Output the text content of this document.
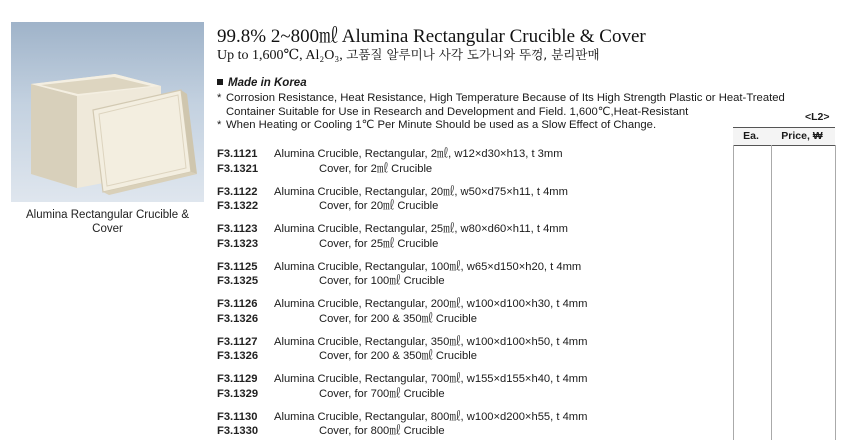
Alumina Rectangular Crucible & Cover
99.8% 2~800㎖ Alumina Rectangular Crucible & Cover
Up to 1,600℃, Al₂O₃, 고품질 알루미나 사각 도가니와 뚜껑, 분리판매
Made in Korea
* Corrosion Resistance, Heat Resistance, High Temperature Because of Its High Strength Plastic or Heat-Treated Container Suitable for Use in Research and Development and Field. 1,600℃,Heat-Resistant
* When Heating or Cooling 1℃ Per Minute Should be used as a Slow Effect of Change.
<L2>
Ea.	Price, ₩
F3.1121	Alumina Crucible, Rectangular, 2㎖, w12×d30×h13, t 3mm
F3.1321	Cover, for 2㎖ Crucible
F3.1122	Alumina Crucible, Rectangular, 20㎖, w50×d75×h11, t 4mm
F3.1322	Cover, for 20㎖ Crucible
F3.1123	Alumina Crucible, Rectangular, 25㎖, w80×d60×h11, t 4mm
F3.1323	Cover, for 25㎖ Crucible
F3.1125	Alumina Crucible, Rectangular, 100㎖, w65×d150×h20, t 4mm
F3.1325	Cover, for 100㎖ Crucible
F3.1126	Alumina Crucible, Rectangular, 200㎖, w100×d100×h30, t 4mm
F3.1326	Cover, for 200 & 350㎖ Crucible
F3.1127	Alumina Crucible, Rectangular, 350㎖, w100×d100×h50, t 4mm
F3.1326	Cover, for 200 & 350㎖ Crucible
F3.1129	Alumina Crucible, Rectangular, 700㎖, w155×d155×h40, t 4mm
F3.1329	Cover, for 700㎖ Crucible
F3.1130	Alumina Crucible, Rectangular, 800㎖, w100×d200×h55, t 4mm
F3.1330	Cover, for 800㎖ Crucible
